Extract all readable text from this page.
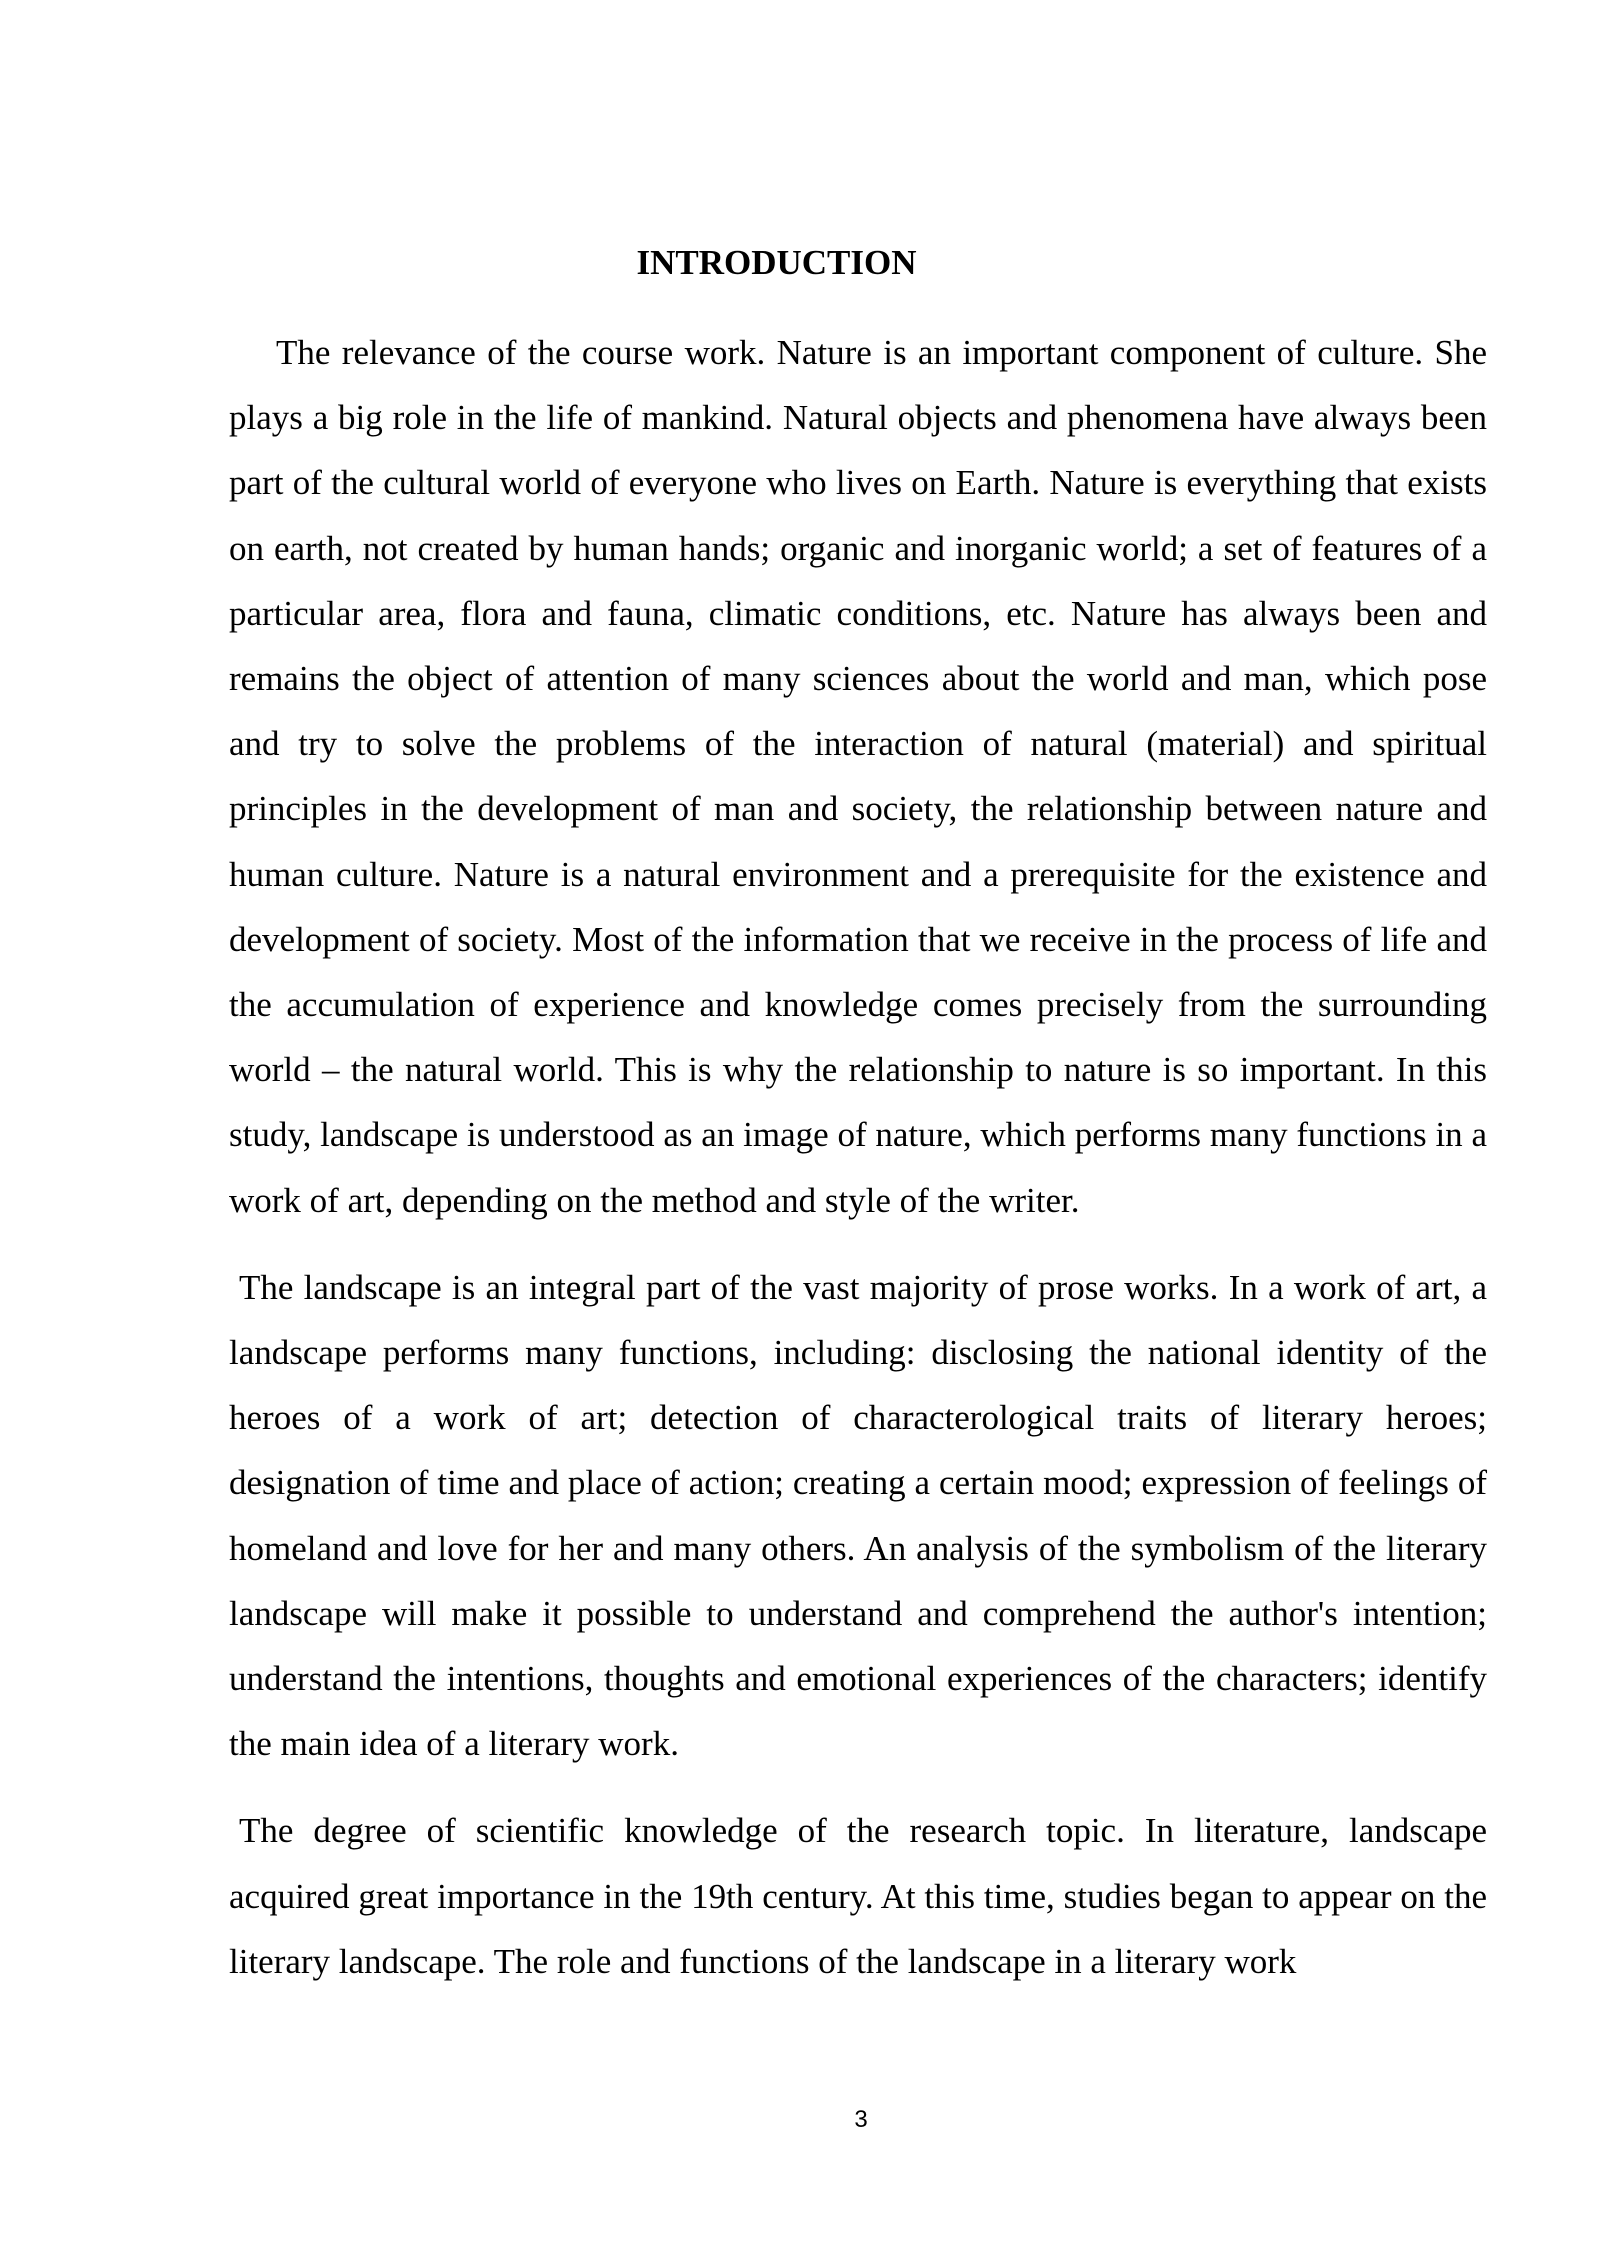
INTRODUCTION

The relevance of the course work. Nature is an important component of culture. She plays a big role in the life of mankind. Natural objects and phenomena have always been part of the cultural world of everyone who lives on Earth. Nature is everything that exists on earth, not created by human hands; organic and inorganic world; a set of features of a particular area, flora and fauna, climatic conditions, etc. Nature has always been and remains the object of attention of many sciences about the world and man, which pose and try to solve the problems of the interaction of natural (material) and spiritual principles in the development of man and society, the relationship between nature and human culture. Nature is a natural environment and a prerequisite for the existence and development of society. Most of the information that we receive in the process of life and the accumulation of experience and knowledge comes precisely from the surrounding world – the natural world. This is why the relationship to nature is so important. In this study, landscape is understood as an image of nature, which performs many functions in a work of art, depending on the method and style of the writer.

The landscape is an integral part of the vast majority of prose works. In a work of art, a landscape performs many functions, including: disclosing the national identity of the heroes of a work of art; detection of characterological traits of literary heroes; designation of time and place of action; creating a certain mood; expression of feelings of homeland and love for her and many others. An analysis of the symbolism of the literary landscape will make it possible to understand and comprehend the author's intention; understand the intentions, thoughts and emotional experiences of the characters; identify the main idea of a literary work.

The degree of scientific knowledge of the research topic. In literature, landscape acquired great importance in the 19th century. At this time, studies began to appear on the literary landscape. The role and functions of the landscape in a literary work

3
